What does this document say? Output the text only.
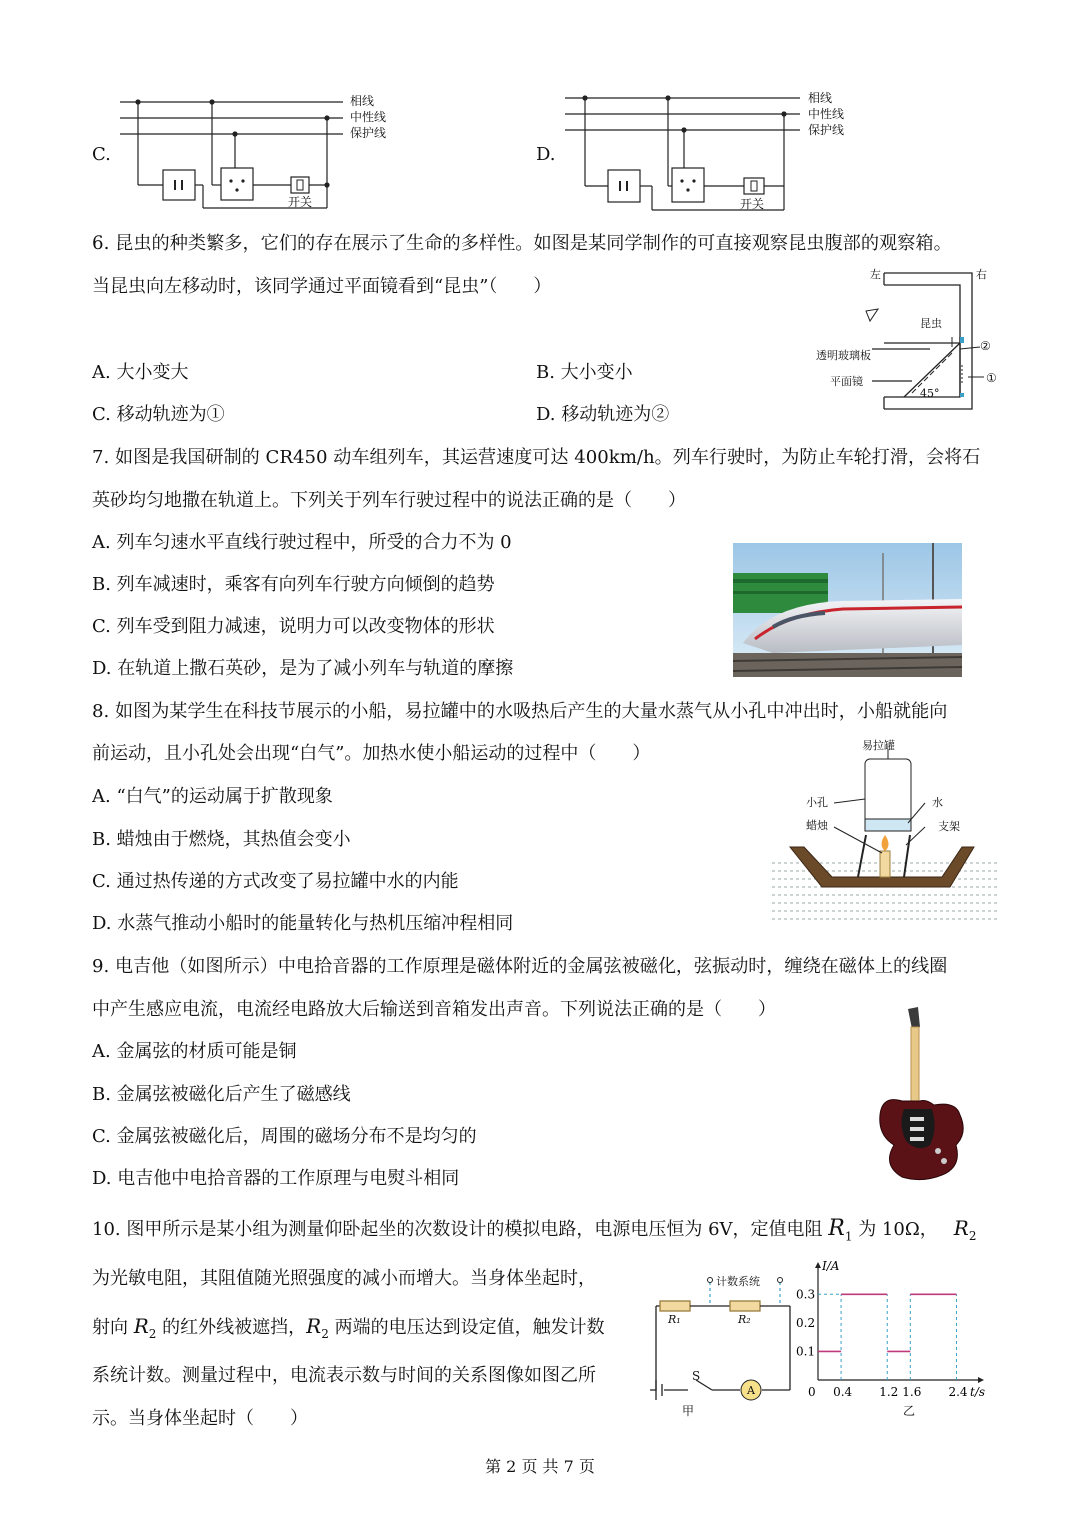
C.
相线
中性线
保护线
开关
D.
相线
中性线
保护线
开关
6. 昆虫的种类繁多，它们的存在展示了生命的多样性。如图是某同学制作的可直接观察昆虫腹部的观察箱。
当昆虫向左移动时，该同学通过平面镜看到“昆虫”（　　）
A. 大小变大	B. 大小变小
C. 移动轨迹为①	D. 移动轨迹为②
左	右
昆虫
透明玻璃板
平面镜
45°
②
①
7. 如图是我国研制的 CR450 动车组列车，其运营速度可达 400km/h。列车行驶时，为防止车轮打滑，会将石
英砂均匀地撒在轨道上。下列关于列车行驶过程中的说法正确的是（　　）
A. 列车匀速水平直线行驶过程中，所受的合力不为 0
B. 列车减速时，乘客有向列车行驶方向倾倒的趋势
C. 列车受到阻力减速，说明力可以改变物体的形状
D. 在轨道上撒石英砂，是为了减小列车与轨道的摩擦
8. 如图为某学生在科技节展示的小船，易拉罐中的水吸热后产生的大量水蒸气从小孔中冲出时，小船就能向
前运动，且小孔处会出现“白气”。加热水使小船运动的过程中（　　）
A. “白气”的运动属于扩散现象
B. 蜡烛由于燃烧，其热值会变小
C. 通过热传递的方式改变了易拉罐中水的内能
D. 水蒸气推动小船时的能量转化与热机压缩冲程相同
易拉罐
小孔	水
蜡烛	支架
9. 电吉他（如图所示）中电拾音器的工作原理是磁体附近的金属弦被磁化，弦振动时，缠绕在磁体上的线圈
中产生感应电流，电流经电路放大后输送到音箱发出声音。下列说法正确的是（　　）
A. 金属弦的材质可能是铜
B. 金属弦被磁化后产生了磁感线
C. 金属弦被磁化后，周围的磁场分布不是均匀的
D. 电吉他中电拾音器的工作原理与电熨斗相同
10. 图甲所示是某小组为测量仰卧起坐的次数设计的模拟电路，电源电压恒为 6V，定值电阻 $R_1$ 为 10Ω， $R_2$
为光敏电阻，其阻值随光照强度的减小而增大。当身体坐起时，
射向 $R_2$ 的红外线被遮挡，$R_2$ 两端的电压达到设定值，触发计数
系统计数。测量过程中，电流表示数与时间的关系图像如图乙所
示。当身体坐起时（　　）
计数系统
R₁	R₂
S
A
甲
I/A
t/s
0.1
0.2
0.3
0 0.4 1.2 1.6 2.4
乙
第 2 页 共 7 页
